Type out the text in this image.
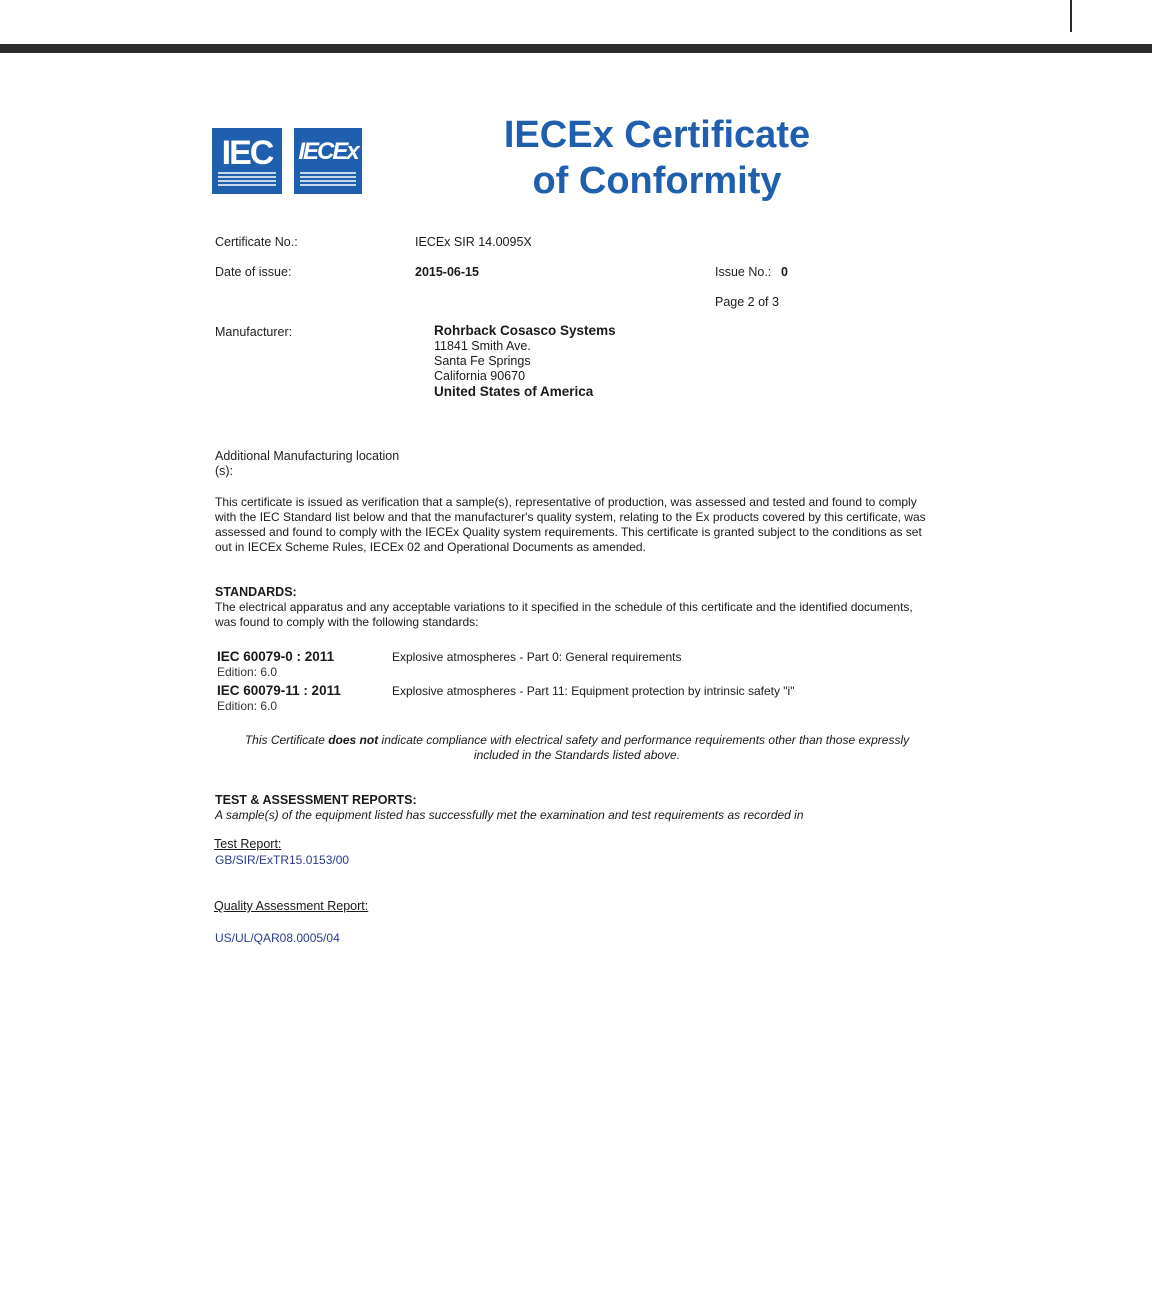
IEC	IECEx	IECEx Certificate
of Conformity
Certificate No.:	IECEx SIR 14.0095X
Date of issue:	2015-06-15	Issue No.: 0
Page 2 of 3
Manufacturer:	Rohrback Cosasco Systems
11841 Smith Ave.
Santa Fe Springs
California 90670
United States of America
Additional Manufacturing location
(s):
This certificate is issued as verification that a sample(s), representative of production, was assessed and tested and found to comply with the IEC Standard list below and that the manufacturer's quality system, relating to the Ex products covered by this certificate, was assessed and found to comply with the IECEx Quality system requirements. This certificate is granted subject to the conditions as set out in IECEx Scheme Rules, IECEx 02 and Operational Documents as amended.
STANDARDS:
The electrical apparatus and any acceptable variations to it specified in the schedule of this certificate and the identified documents, was found to comply with the following standards:
IEC 60079-0 : 2011
Edition: 6.0
Explosive atmospheres - Part 0: General requirements
IEC 60079-11 : 2011
Edition: 6.0
Explosive atmospheres - Part 11: Equipment protection by intrinsic safety "i"
This Certificate does not indicate compliance with electrical safety and performance requirements other than those expressly included in the Standards listed above.
TEST & ASSESSMENT REPORTS:
A sample(s) of the equipment listed has successfully met the examination and test requirements as recorded in
Test Report:
GB/SIR/ExTR15.0153/00
Quality Assessment Report:
US/UL/QAR08.0005/04
